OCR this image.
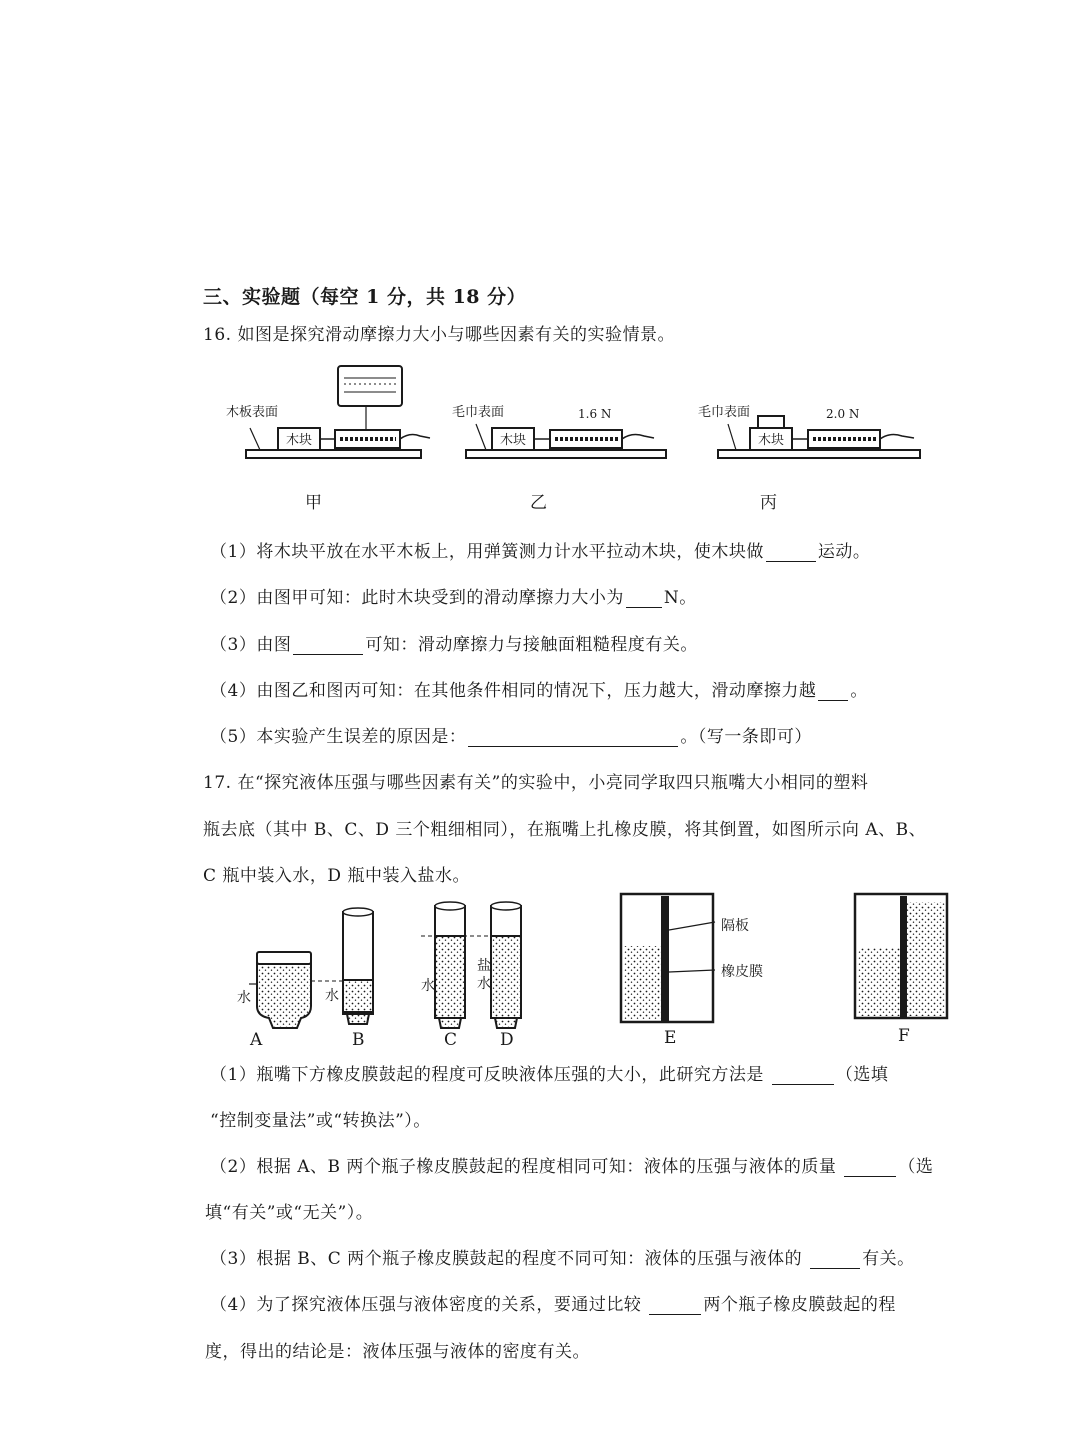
三、实验题（每空 1 分，共 18 分）
16. 如图是探究滑动摩擦力大小与哪些因素有关的实验情景。
木块
木板表面
木块
毛巾表面	1.6 N
木块
毛巾表面	2.0 N
甲	乙	丙
（1）将木块平放在水平木板上，用弹簧测力计水平拉动木块，使木块做	运动。
（2）由图甲可知：此时木块受到的滑动摩擦力大小为 N。
（3）由图	可知：滑动摩擦力与接触面粗糙程度有关。
（4）由图乙和图丙可知：在其他条件相同的情况下，压力越大，滑动摩擦力越 。
（5）本实验产生误差的原因是：	。（写一条即可）
17. 在“探究液体压强与哪些因素有关”的实验中，小亮同学取四只瓶嘴大小相同的塑料
瓶去底（其中 B、C、D 三个粗细相同），在瓶嘴上扎橡皮膜，将其倒置，如图所示向 A、B、
C 瓶中装入水，D 瓶中装入盐水。
水	水
水
盐
水
隔板
橡皮膜
A	B	C	D	E	F
（1）瓶嘴下方橡皮膜鼓起的程度可反映液体压强的大小，此研究方法是	（选填
“控制变量法”或“转换法”）。
（2）根据 A、B 两个瓶子橡皮膜鼓起的程度相同可知：液体的压强与液体的质量	（选
填“有关”或“无关”）。
（3）根据 B、C 两个瓶子橡皮膜鼓起的程度不同可知：液体的压强与液体的	有关。
（4）为了探究液体压强与液体密度的关系，要通过比较	两个瓶子橡皮膜鼓起的程
度，得出的结论是：液体压强与液体的密度有关。
